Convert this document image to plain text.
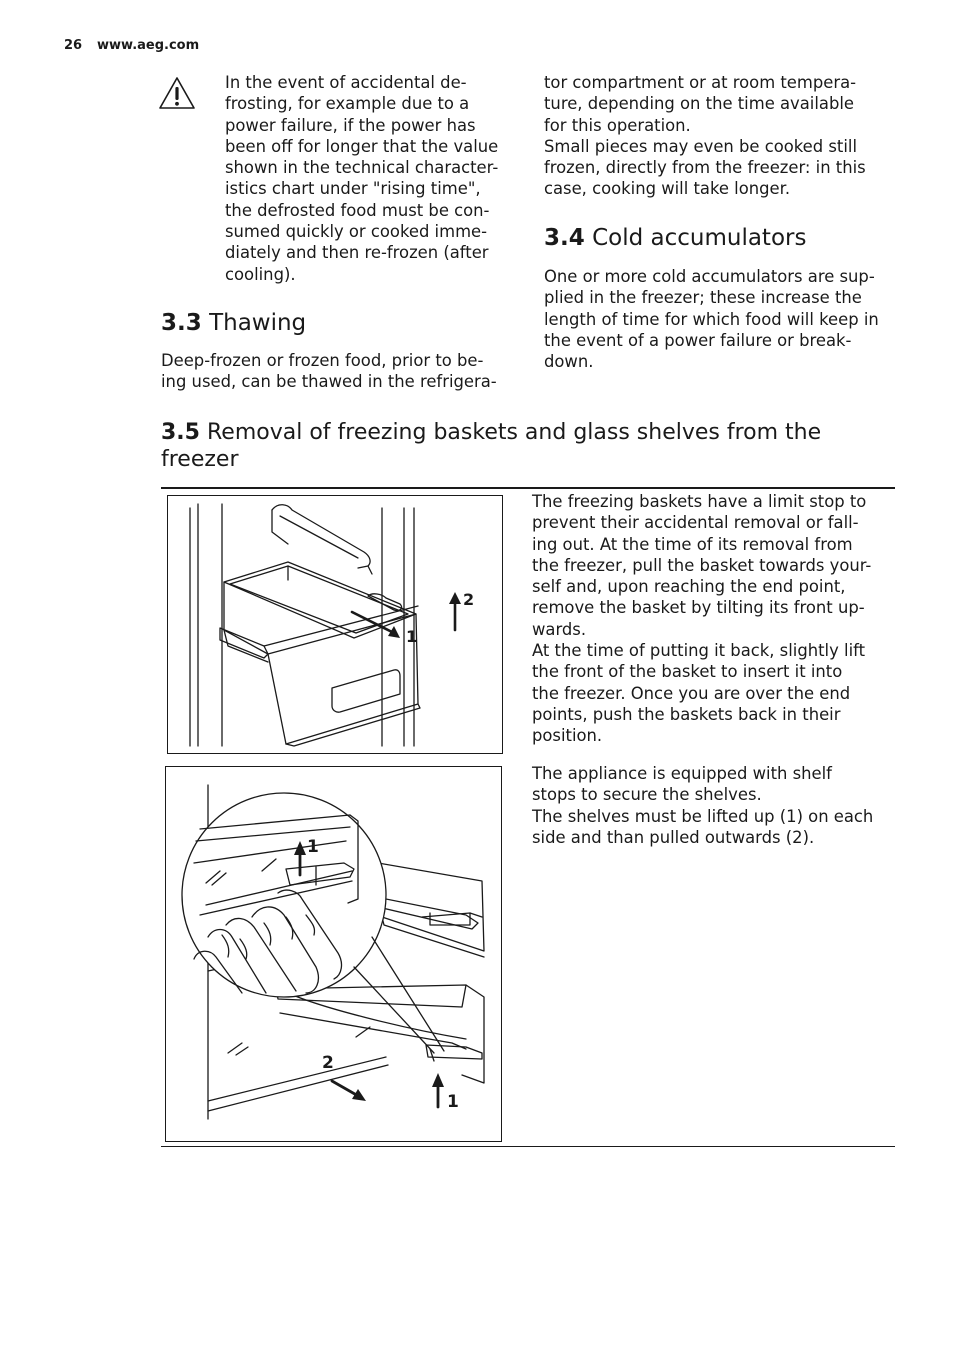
26 www.aeg.com

In the event of accidental de-
frosting, for example due to a
power failure, if the power has
been off for longer that the value
shown in the technical character-
istics chart under "rising time",
the defrosted food must be con-
sumed quickly or cooked imme-
diately and then re-frozen (after
cooling).

3.3 Thawing

Deep-frozen or frozen food, prior to be-
ing used, can be thawed in the refrigera-

tor compartment or at room tempera-
ture, depending on the time available
for this operation.
Small pieces may even be cooked still
frozen, directly from the freezer: in this
case, cooking will take longer.

3.4 Cold accumulators

One or more cold accumulators are sup-
plied in the freezer; these increase the
length of time for which food will keep in
the event of a power failure or break-
down.

3.5 Removal of freezing baskets and glass shelves from the
freezer
1
2

The freezing baskets have a limit stop to
prevent their accidental removal or fall-
ing out. At the time of its removal from
the freezer, pull the basket towards your-
self and, upon reaching the end point,
remove the basket by tilting its front up-
wards.
At the time of putting it back, slightly lift
the front of the basket to insert it into
the freezer. Once you are over the end
points, push the baskets back in their
position.

1
2
1

The appliance is equipped with shelf
stops to secure the shelves.
The shelves must be lifted up (1) on each
side and than pulled outwards (2).
